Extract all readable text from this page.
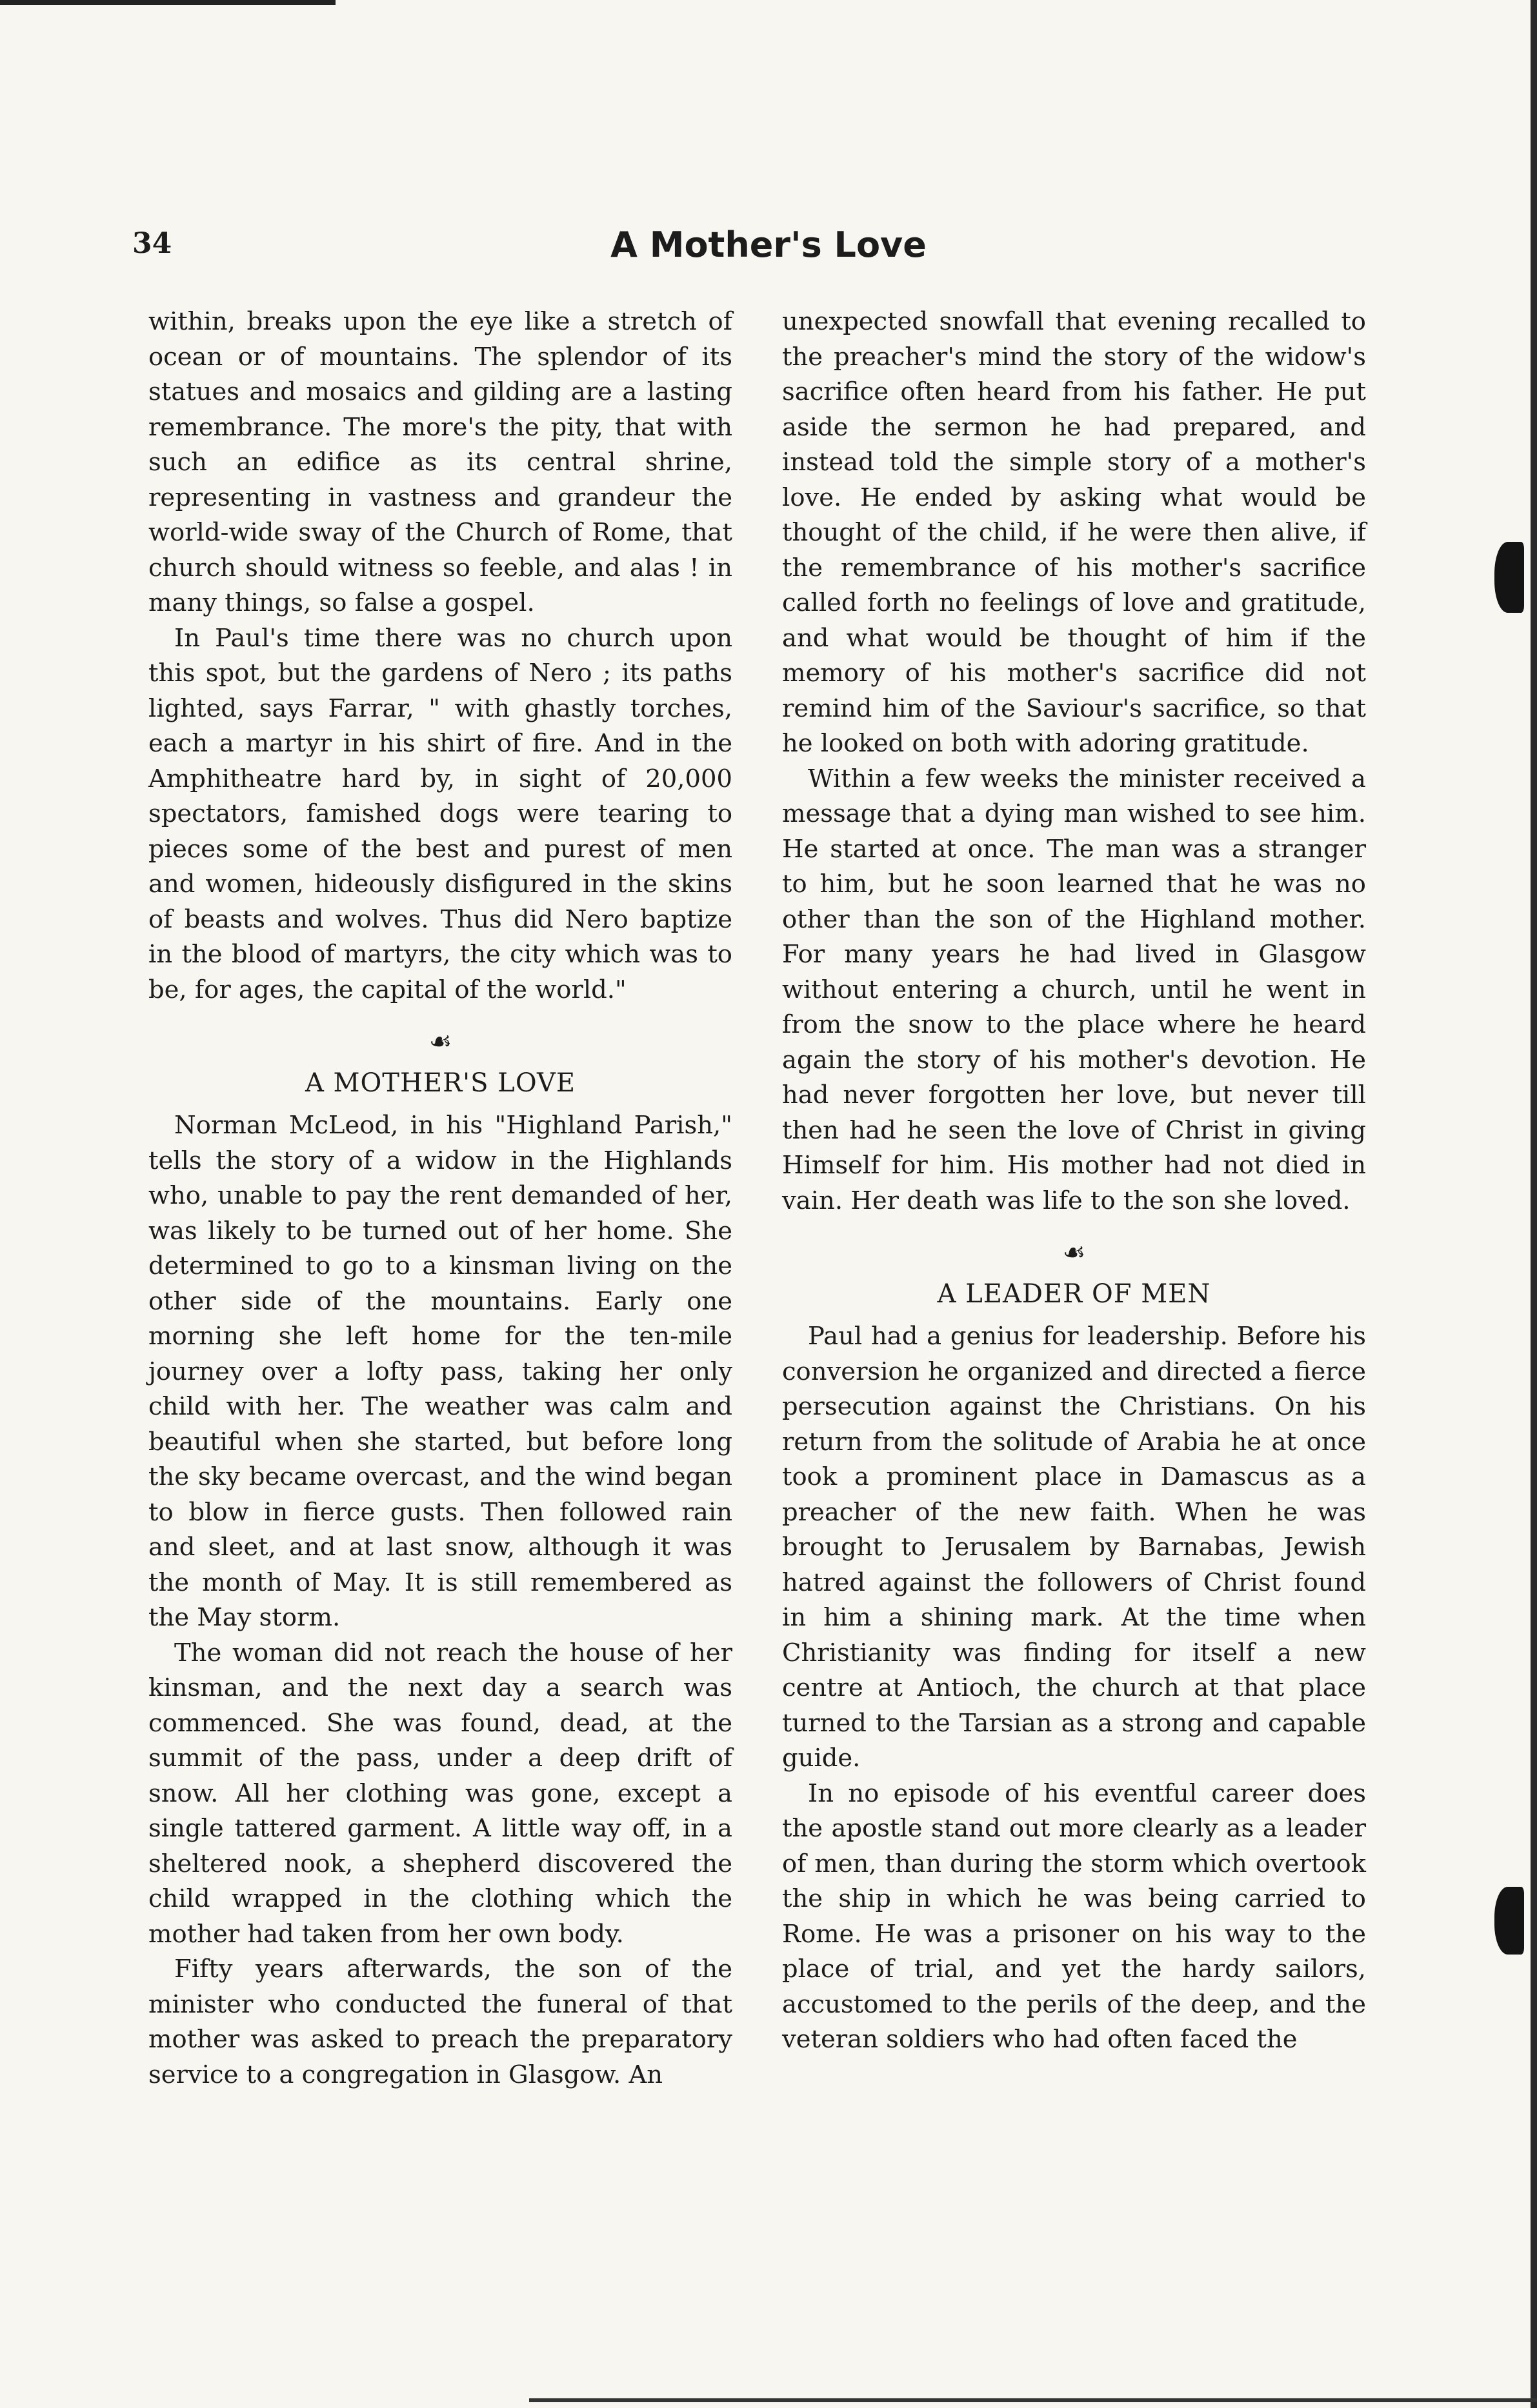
34	A Mother's Love

within, breaks upon the eye like a stretch of ocean or of mountains. The splendor of its statues and mosaics and gilding are a lasting remembrance. The more's the pity, that with such an edifice as its central shrine, representing in vastness and grandeur the world-wide sway of the Church of Rome, that church should witness so feeble, and alas ! in many things, so false a gospel.

In Paul's time there was no church upon this spot, but the gardens of Nero ; its paths lighted, says Farrar, " with ghastly torches, each a martyr in his shirt of fire. And in the Amphitheatre hard by, in sight of 20,000 spectators, famished dogs were tearing to pieces some of the best and purest of men and women, hideously disfigured in the skins of beasts and wolves. Thus did Nero baptize in the blood of martyrs, the city which was to be, for ages, the capital of the world."

☙
A MOTHER'S LOVE

Norman McLeod, in his "Highland Parish," tells the story of a widow in the Highlands who, unable to pay the rent demanded of her, was likely to be turned out of her home. She determined to go to a kinsman living on the other side of the mountains. Early one morning she left home for the ten-mile journey over a lofty pass, taking her only child with her. The weather was calm and beautiful when she started, but before long the sky became overcast, and the wind began to blow in fierce gusts. Then followed rain and sleet, and at last snow, although it was the month of May. It is still remembered as the May storm.

The woman did not reach the house of her kinsman, and the next day a search was commenced. She was found, dead, at the summit of the pass, under a deep drift of snow. All her clothing was gone, except a single tattered garment. A little way off, in a sheltered nook, a shepherd discovered the child wrapped in the clothing which the mother had taken from her own body.

Fifty years afterwards, the son of the minister who conducted the funeral of that mother was asked to preach the preparatory service to a congregation in Glasgow. An

unexpected snowfall that evening recalled to the preacher's mind the story of the widow's sacrifice often heard from his father. He put aside the sermon he had prepared, and instead told the simple story of a mother's love. He ended by asking what would be thought of the child, if he were then alive, if the remembrance of his mother's sacrifice called forth no feelings of love and gratitude, and what would be thought of him if the memory of his mother's sacrifice did not remind him of the Saviour's sacrifice, so that he looked on both with adoring gratitude.

Within a few weeks the minister received a message that a dying man wished to see him. He started at once. The man was a stranger to him, but he soon learned that he was no other than the son of the Highland mother. For many years he had lived in Glasgow without entering a church, until he went in from the snow to the place where he heard again the story of his mother's devotion. He had never forgotten her love, but never till then had he seen the love of Christ in giving Himself for him. His mother had not died in vain. Her death was life to the son she loved.

☙
A LEADER OF MEN

Paul had a genius for leadership. Before his conversion he organized and directed a fierce persecution against the Christians. On his return from the solitude of Arabia he at once took a prominent place in Damascus as a preacher of the new faith. When he was brought to Jerusalem by Barnabas, Jewish hatred against the followers of Christ found in him a shining mark. At the time when Christianity was finding for itself a new centre at Antioch, the church at that place turned to the Tarsian as a strong and capable guide.

In no episode of his eventful career does the apostle stand out more clearly as a leader of men, than during the storm which overtook the ship in which he was being carried to Rome. He was a prisoner on his way to the place of trial, and yet the hardy sailors, accustomed to the perils of the deep, and the veteran soldiers who had often faced the
